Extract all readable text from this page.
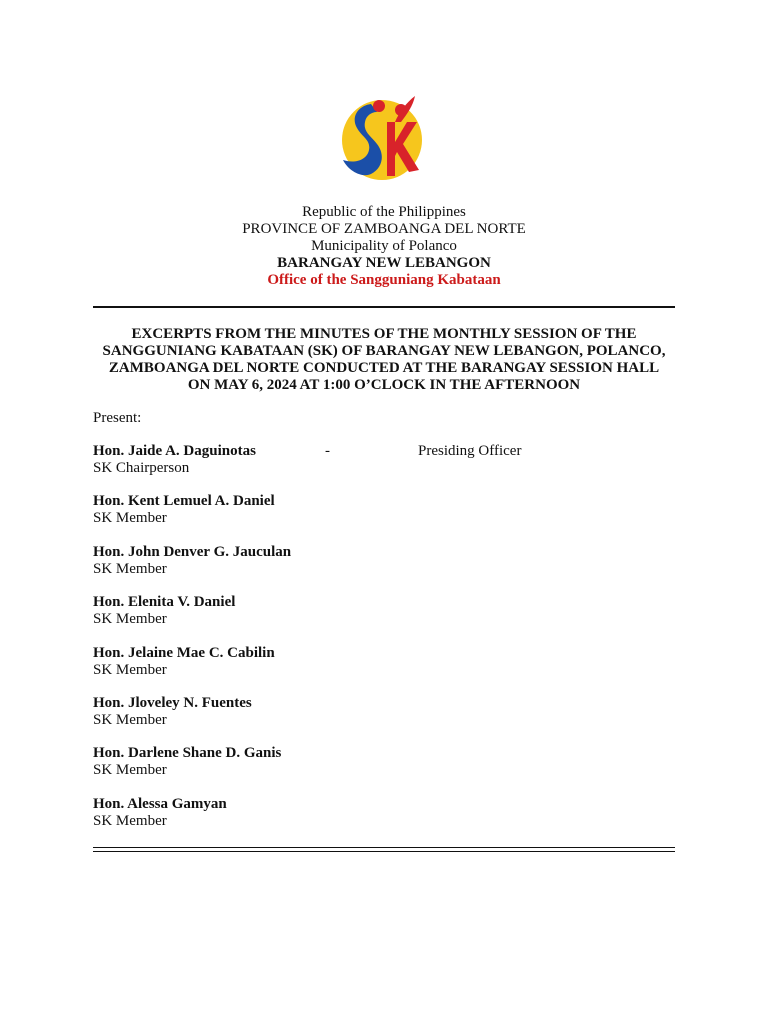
Republic of the Philippines
PROVINCE OF ZAMBOANGA DEL NORTE
Municipality of Polanco
BARANGAY NEW LEBANGON
Office of the Sangguniang Kabataan
EXCERPTS FROM THE MINUTES OF THE MONTHLY SESSION OF THE
SANGGUNIANG KABATAAN (SK) OF BARANGAY NEW LEBANGON, POLANCO,
ZAMBOANGA DEL NORTE CONDUCTED AT THE BARANGAY SESSION HALL
ON MAY 6, 2024 AT 1:00 O’CLOCK IN THE AFTERNOON
Present:
Hon. Jaide A. Daguinotas
SK Chairperson
-	Presiding Officer
Hon. Kent Lemuel A. Daniel
SK Member
Hon. John Denver G. Jauculan
SK Member
Hon. Elenita V. Daniel
SK Member
Hon. Jelaine Mae C. Cabilin
SK Member
Hon. Jloveley N. Fuentes
SK Member
Hon. Darlene Shane D. Ganis
SK Member
Hon. Alessa Gamyan
SK Member
